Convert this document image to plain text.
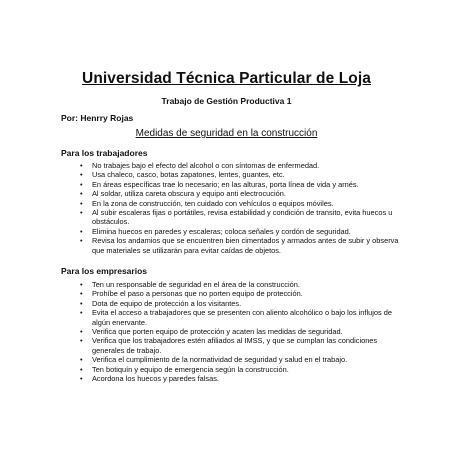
Universidad Técnica Particular de Loja

Trabajo de Gestión Productiva 1

Por: Henrry Rojas

Medidas de seguridad en la construcción

Para los trabajadores

• No trabajes bajo el efecto del alcohol o con síntomas de enfermedad.
• Usa chaleco, casco, botas zapatones, lentes, guantes, etc.
• En áreas específicas trae lo necesario; en las alturas, porta línea de vida y arnés.
• Al soldar, utiliza careta obscura y equipo anti electrocución.
• En la zona de construcción, ten cuidado con vehículos o equipos móviles.
• Al subir escaleras fijas o portátiles, revisa estabilidad y condición de transito, evita huecos u obstáculos.
• Elimina huecos en paredes y escaleras; coloca señales y cordón de seguridad.
• Revisa los andamios que se encuentren bien cimentados y armados antes de subir y observa que materiales se utilizarán para evitar caídas de objetos.

Para los empresarios

• Ten un responsable de seguridad en el área de la construcción.
• Prohíbe el paso a personas que no porten equipo de protección.
• Dota de equipo de protección a los visitantes.
• Evita el acceso a trabajadores que se presenten con aliento alcohólico o bajo los influjos de algún enervante.
• Verifica que porten equipo de protección y acaten las medidas de seguridad.
• Verifica que los trabajadores estén afiliados al IMSS, y que se cumplan las condiciones generales de trabajo.
• Verifica el cumplimiento de la normatividad de seguridad y salud en el trabajo.
• Ten botiquín y equipo de emergencia según la construcción.
• Acordona los huecos y paredes falsas.
